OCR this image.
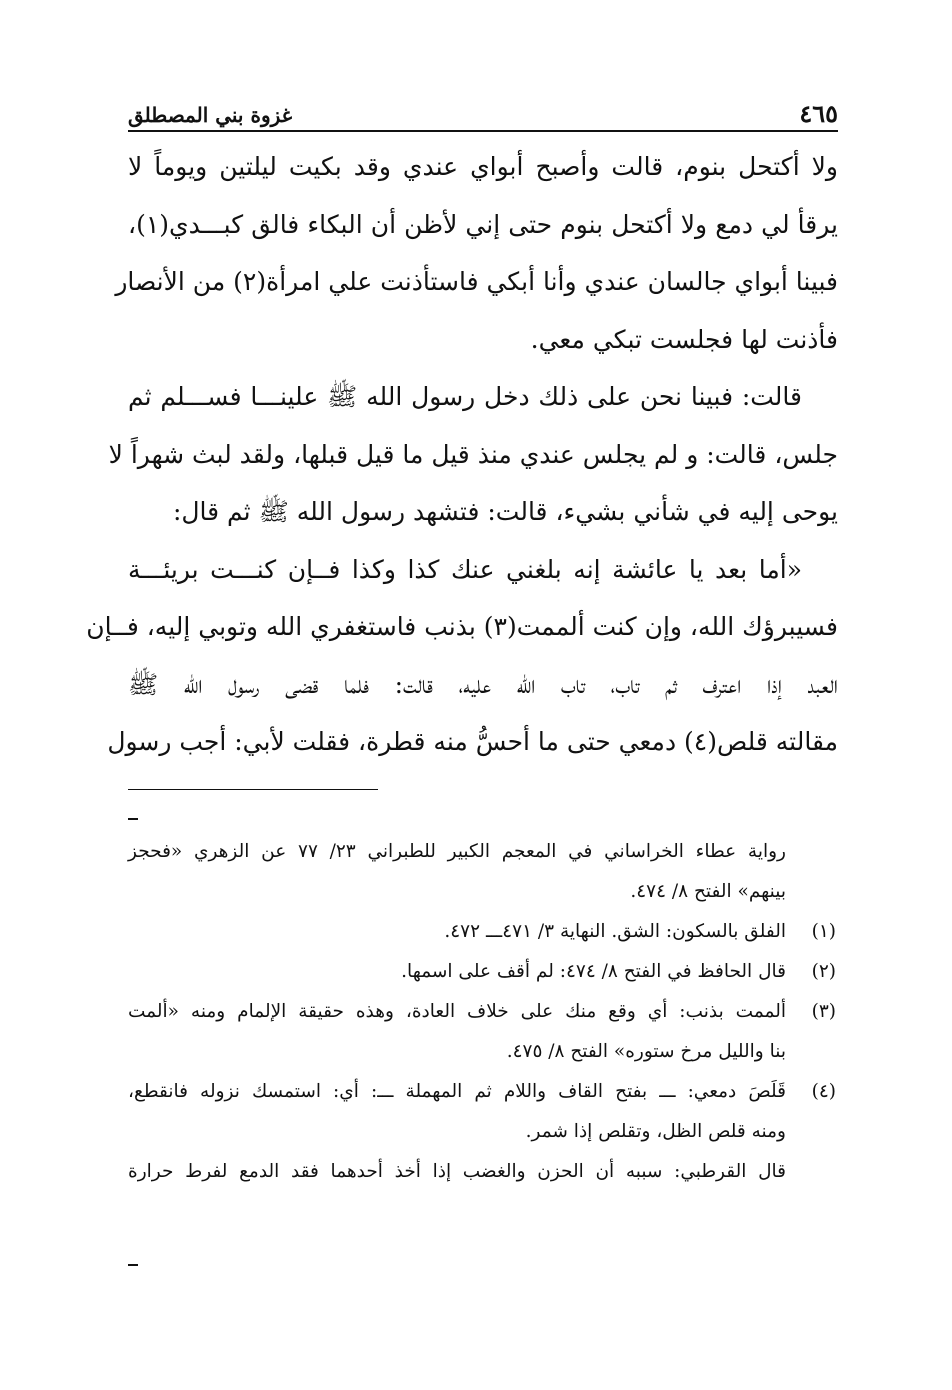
٤٦٥
غزوة بني المصطلق
ولا أكتحل بنوم، قالت وأصبح أبواي عندي وقد بكيت ليلتين ويوماً لا
يرقأ لي دمع ولا أكتحل بنوم حتى إني لأظن أن البكاء فالق كبـــدي(١)،
فبينا أبواي جالسان عندي وأنا أبكي فاستأذنت علي امرأة(٢) من الأنصار
فأذنت لها فجلست تبكي معي.
قالت: فبينا نحن على ذلك دخل رسول الله ﷺ علينـــا فســـلم ثم
جلس، قالت: و لم يجلس عندي منذ قيل ما قيل قبلها، ولقد لبث شهراً لا
يوحى إليه في شأني بشيء، قالت: فتشهد رسول الله ﷺ ثم قال:
«أما بعد يا عائشة إنه بلغني عنك كذا وكذا فــإن كنـــت بريئـــة
فسيبرؤك الله، وإن كنت ألممت(٣) بذنب فاستغفري الله وتوبي إليه، فــإن
العبد إذا اعترف ثم تاب، تاب الله عليه، قالت: فلما قضى رسول الله ﷺ
مقالته قلص(٤) دمعي حتى ما أحسُّ منه قطرة، فقلت لأبي: أجب رسول
رواية عطاء الخراساني في المعجم الكبير للطبراني ٢٣/ ٧٧ عن الزهري «فحجز
بينهم» الفتح ٨/ ٤٧٤.
(١)
الفلق بالسكون: الشق. النهاية ٣/ ٤٧١ـــ ٤٧٢.
(٢)
قال الحافظ في الفتح ٨/ ٤٧٤: لم أقف على اسمها.
(٣)
ألممت بذنب: أي وقع منك على خلاف العادة، وهذه حقيقة الإلمام ومنه «ألمت
بنا والليل مرخ ستوره» الفتح ٨/ ٤٧٥.
(٤)
قَلَصَ دمعي: ـــ بفتح القاف واللام ثم المهملة ـــ: أي: استمسك نزوله فانقطع،
ومنه قلص الظل، وتقلص إذا شمر.
قال القرطبي: سببه أن الحزن والغضب إذا أخذ أحدهما فقد الدمع لفرط حرارة
